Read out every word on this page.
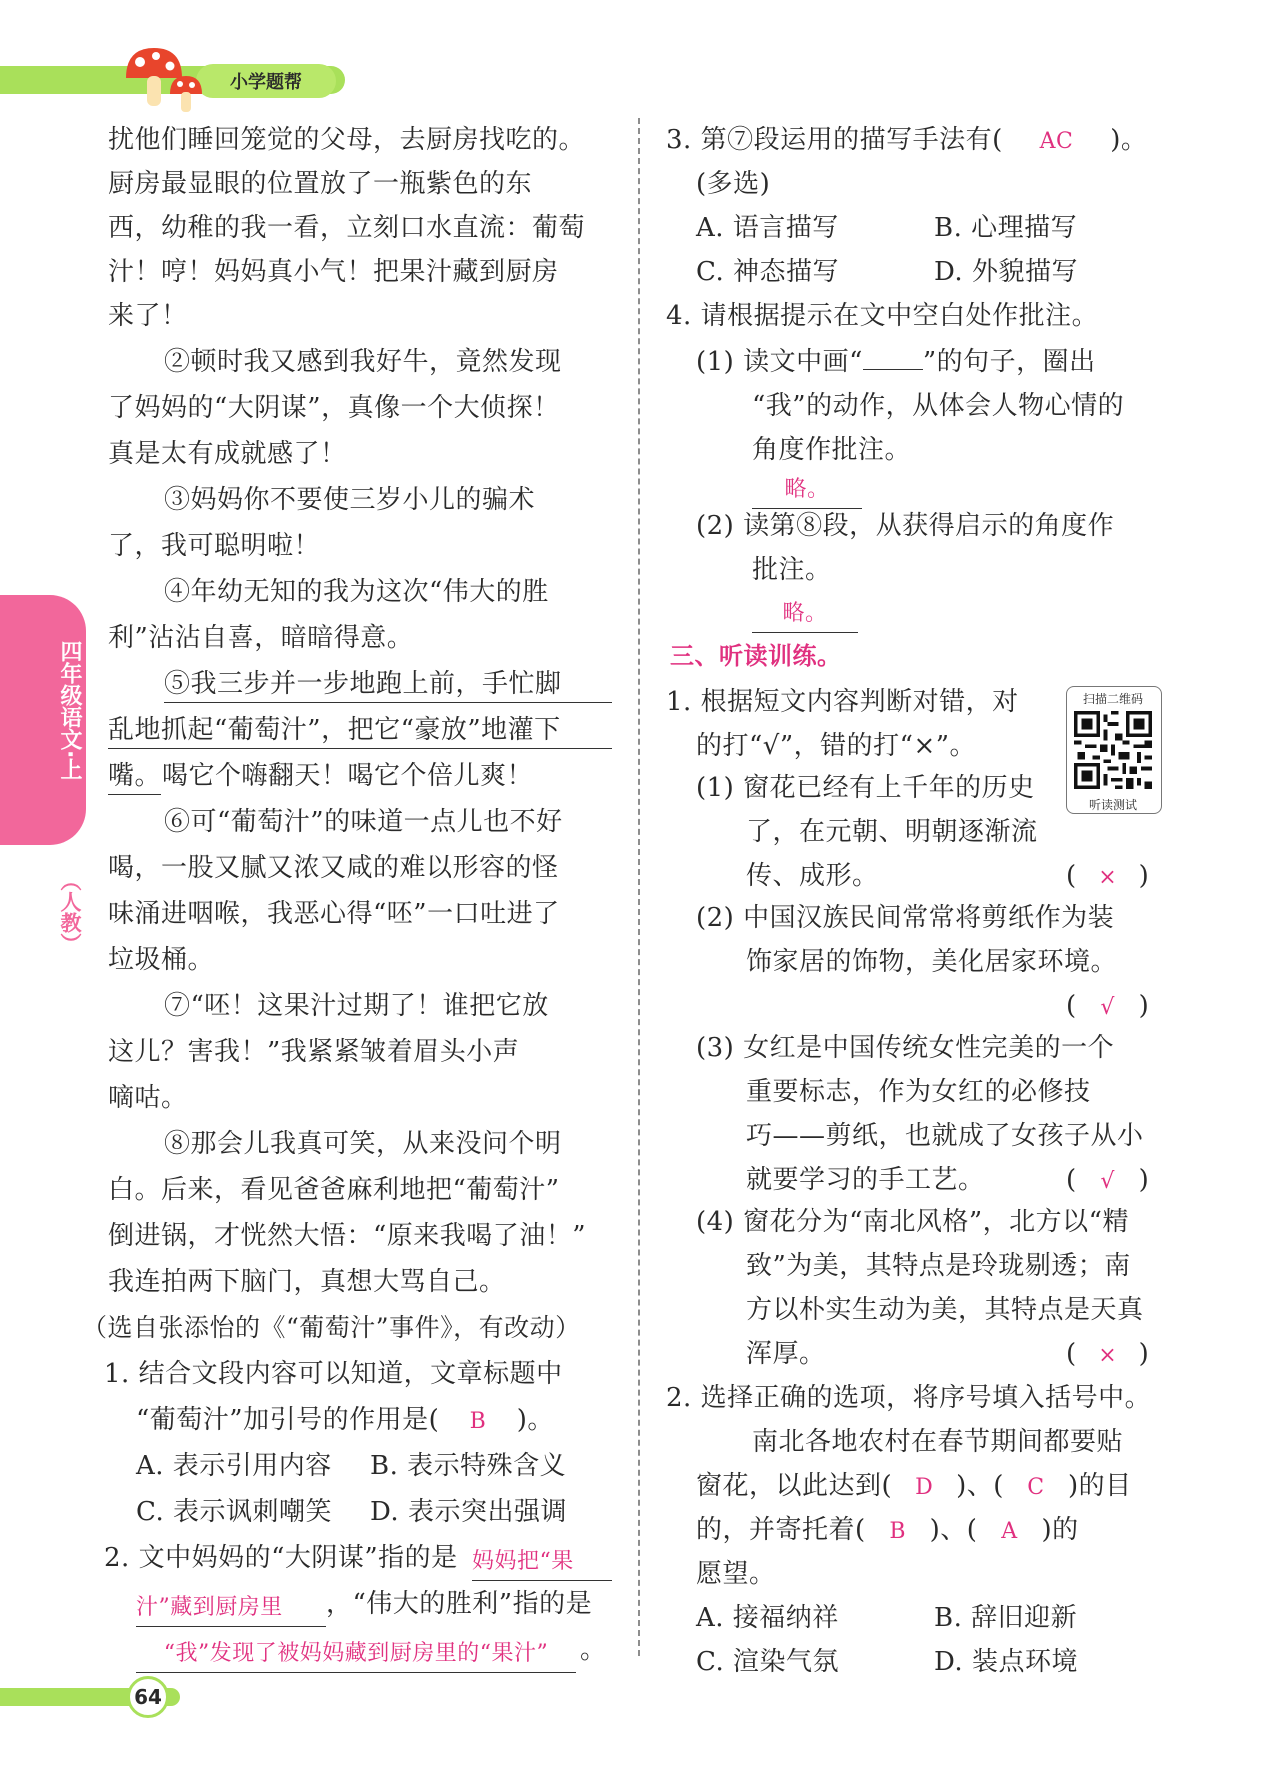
小学题帮
四年级语文·上
（人教）
扰他们睡回笼觉的父母，去厨房找吃的。
厨房最显眼的位置放了一瓶紫色的东
西，幼稚的我一看，立刻口水直流：葡萄
汁！哼！妈妈真小气！把果汁藏到厨房
来了！
②顿时我又感到我好牛，竟然发现
了妈妈的“大阴谋”，真像一个大侦探！
真是太有成就感了！
③妈妈你不要使三岁小儿的骗术
了，我可聪明啦！
④年幼无知的我为这次“伟大的胜
利”沾沾自喜，暗暗得意。
⑤我三步并一步地跑上前，手忙脚
乱地抓起“葡萄汁”，把它“豪放”地灌下
嘴。 喝它个嗨翻天！喝它个倍儿爽！
⑥可“葡萄汁”的味道一点儿也不好
喝，一股又腻又浓又咸的难以形容的怪
味涌进咽喉，我恶心得“呸”一口吐进了
垃圾桶。
⑦“呸！这果汁过期了！谁把它放
这儿？害我！”我紧紧皱着眉头小声
嘀咕。
⑧那会儿我真可笑，从来没问个明
白。后来，看见爸爸麻利地把“葡萄汁”
倒进锅，才恍然大悟：“原来我喝了油！”
我连拍两下脑门，真想大骂自己。
（选自张添怡的《“葡萄汁”事件》，有改动）
1. 结合文段内容可以知道，文章标题中
“葡萄汁”加引号的作用是( B )。
A. 表示引用内容 B. 表示特殊含义
C. 表示讽刺嘲笑 D. 表示突出强调
2. 文中妈妈的“大阴谋”指的是 妈妈把“果
汁”藏到厨房里	，“伟大的胜利”指的是
“我”发现了被妈妈藏到厨房里的“果汁”	。
3. 第⑦段运用的描写手法有( AC )。
(多选)
A. 语言描写	B. 心理描写
C. 神态描写	D. 外貌描写
4. 请根据提示在文中空白处作批注。
(1) 读文中画“ ”的句子，圈出
“我”的动作，从体会人物心情的
角度作批注。
略。
(2) 读第⑧段，从获得启示的角度作
批注。
略。
三、听读训练。
扫描二维码
听读测试
1. 根据短文内容判断对错，对
的打“√”，错的打“×”。
(1) 窗花已经有上千年的历史
了，在元朝、明朝逐渐流
传、成形。	( × )
(2) 中国汉族民间常常将剪纸作为装
饰家居的饰物，美化居家环境。
( √ )
(3) 女红是中国传统女性完美的一个
重要标志，作为女红的必修技
巧——剪纸，也就成了女孩子从小
就要学习的手工艺。	( √ )
(4) 窗花分为“南北风格”，北方以“精
致”为美，其特点是玲珑剔透；南
方以朴实生动为美，其特点是天真
浑厚。	( × )
2. 选择正确的选项，将序号填入括号中。
南北各地农村在春节期间都要贴
窗花，以此达到( D )、( C )的目
的，并寄托着( B )、( A )的
愿望。
A. 接福纳祥	B. 辞旧迎新
C. 渲染气氛	D. 装点环境
64
